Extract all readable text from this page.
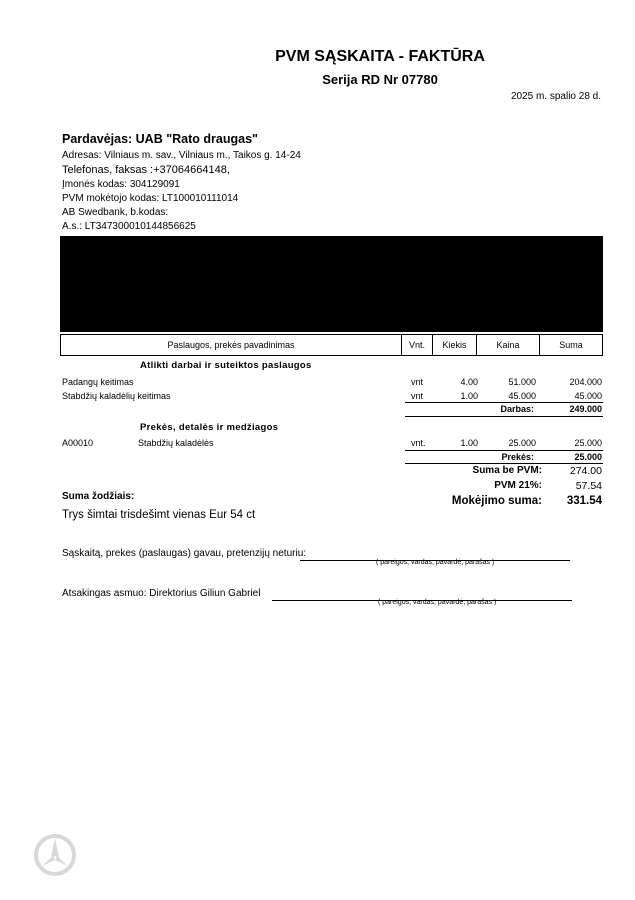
PVM SĄSKAITA - FAKTŪRA
Serija RD Nr 07780
2025 m. spalio 28 d.
Pardavėjas: UAB "Rato draugas"
Adresas: Vilniaus m. sav., Vilniaus m., Taikos g. 14-24
Telefonas, faksas :+37064664148,
Įmonės kodas: 304129091
PVM mokėtojo kodas: LT100010111014
AB Swedbank, b.kodas:
A.s.: LT347300010144856625
Paslaugos, prekės pavadinimas	Vnt.	Kiekis	Kaina	Suma
Atlikti darbai ir suteiktos paslaugos
Padangų keitimas	vnt	4.00	51.000	204.000
Stabdžių kaladėlių keitimas	vnt	1.00	45.000	45.000
Darbas:	249.000
Prekės, detalės ir medžiagos
A00010	Stabdžių kaladėlės	vnt.	1.00	25.000	25.000
Prekės:	25.000
Suma be PVM:	274.00
PVM 21%:	57.54
Mokėjimo suma:	331.54
Suma žodžiais:
Trys šimtai trisdešimt vienas Eur 54 ct
Sąskaitą, prekes (paslaugas) gavau, pretenzijų neturiu:
( pareigos, vardas, pavardė, parašas )
Atsakingas asmuo: Direktorius Giliun Gabriel
( pareigos, vardas, pavardė, parašas )
